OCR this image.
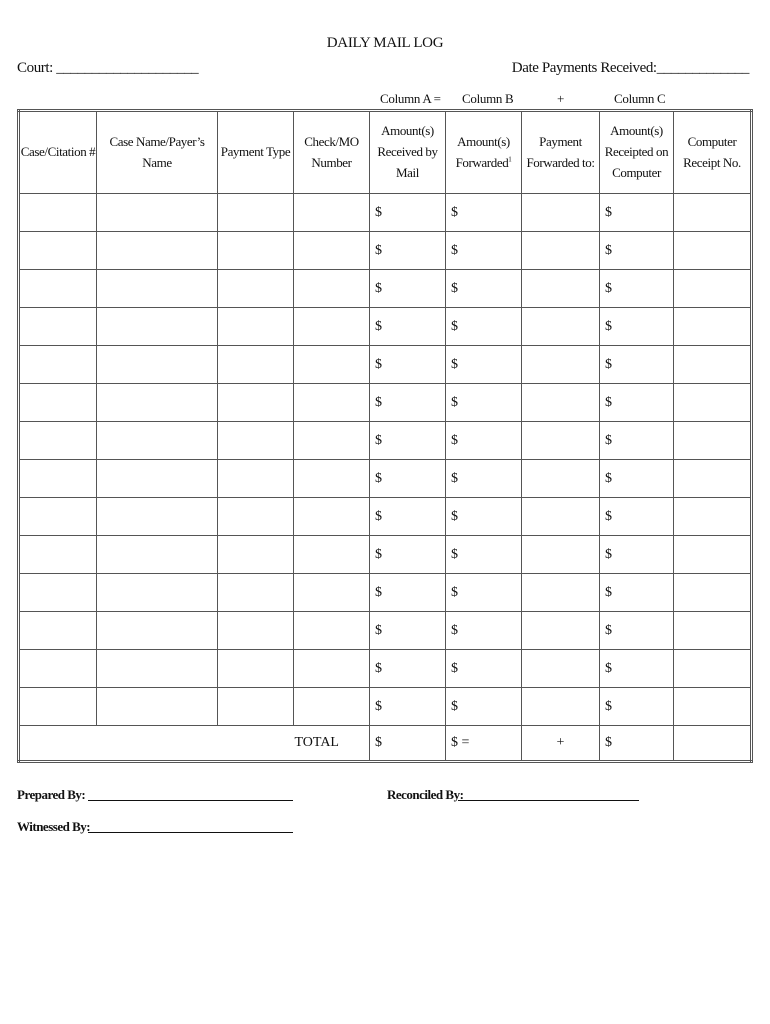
DAILY MAIL LOG
Court: ____________________	Date Payments Received:_____________
Column A = Column B	+	Column C
Case/Citation #	Case Name/Payer’s Name	Payment Type	Check/MO Number	Amount(s) Received by Mail	Amount(s) Forwarded$^1$	Payment Forwarded to:	Amount(s) Receipted on Computer	Computer Receipt No.
				$	$		$	
				$	$		$	
				$	$		$	
				$	$		$	
				$	$		$	
				$	$		$	
				$	$		$	
				$	$		$	
				$	$		$	
				$	$		$	
				$	$		$	
				$	$		$	
				$	$		$	
				$	$		$	
TOTAL				$	$ =	+	$	
Prepared By:	Reconciled By:
Witnessed By:
